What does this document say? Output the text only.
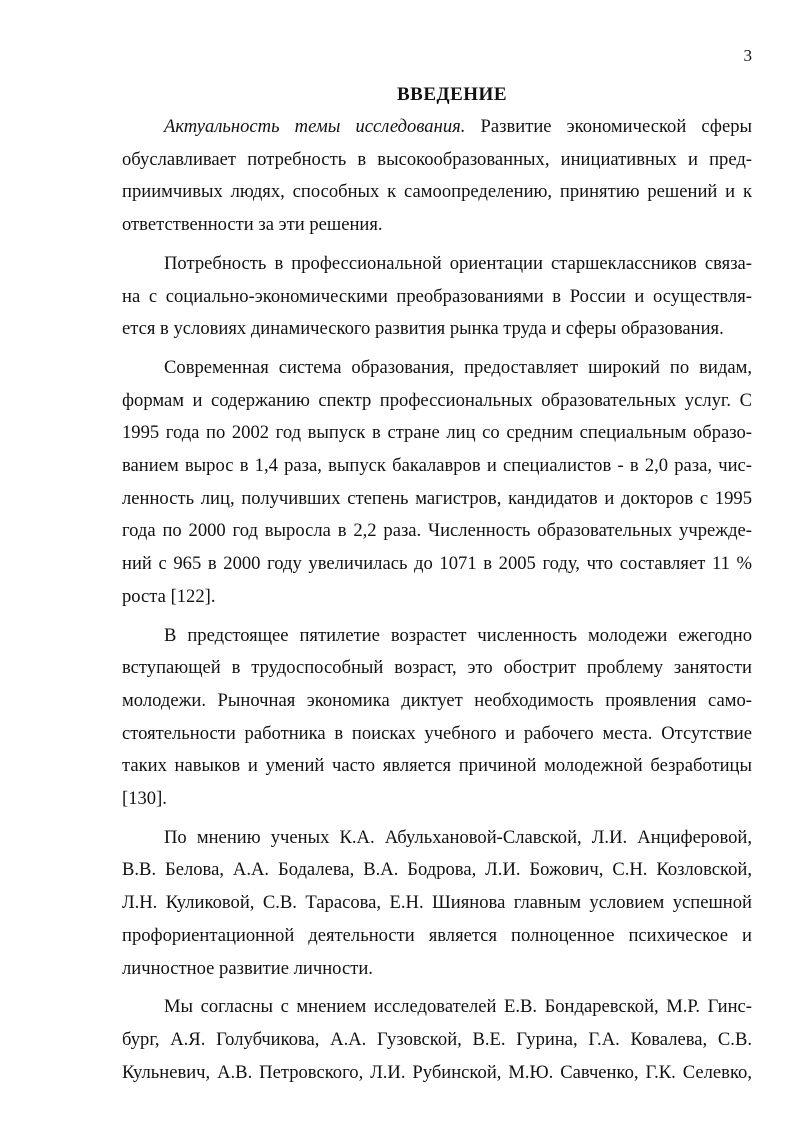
3
ВВЕДЕНИЕ
Актуальность темы исследования. Развитие экономической сферы
обуславливает потребность в высокообразованных, инициативных и пред-
приимчивых людях, способных к самоопределению, принятию решений и к
ответственности за эти решения.
Потребность в профессиональной ориентации старшеклассников связа-
на с социально-экономическими преобразованиями в России и осуществля-
ется в условиях динамического развития рынка труда и сферы образования.
Современная система образования, предоставляет широкий по видам,
формам и содержанию спектр профессиональных образовательных услуг. С
1995 года по 2002 год выпуск в стране лиц со средним специальным образо-
ванием вырос в 1,4 раза, выпуск бакалавров и специалистов - в 2,0 раза, чис-
ленность лиц, получивших степень магистров, кандидатов и докторов с 1995
года по 2000 год выросла в 2,2 раза. Численность образовательных учрежде-
ний с 965 в 2000 году увеличилась до 1071 в 2005 году, что составляет 11 %
роста [122].
В предстоящее пятилетие возрастет численность молодежи ежегодно
вступающей в трудоспособный возраст, это обострит проблему занятости
молодежи. Рыночная экономика диктует необходимость проявления само-
стоятельности работника в поисках учебного и рабочего места. Отсутствие
таких навыков и умений часто является причиной молодежной безработицы
[130].
По мнению ученых К.А. Абульхановой-Славской, Л.И. Анциферовой,
В.В. Белова, А.А. Бодалева, В.А. Бодрова, Л.И. Божович, С.Н. Козловской,
Л.Н. Куликовой, С.В. Тарасова, Е.Н. Шиянова главным условием успешной
профориентационной деятельности является полноценное психическое и
личностное развитие личности.
Мы согласны с мнением исследователей Е.В. Бондаревской, М.Р. Гинс-
бург, А.Я. Голубчикова, А.А. Гузовской, В.Е. Гурина, Г.А. Ковалева, С.В.
Кульневич, А.В. Петровского, Л.И. Рубинской, М.Ю. Савченко, Г.К. Селевко,
